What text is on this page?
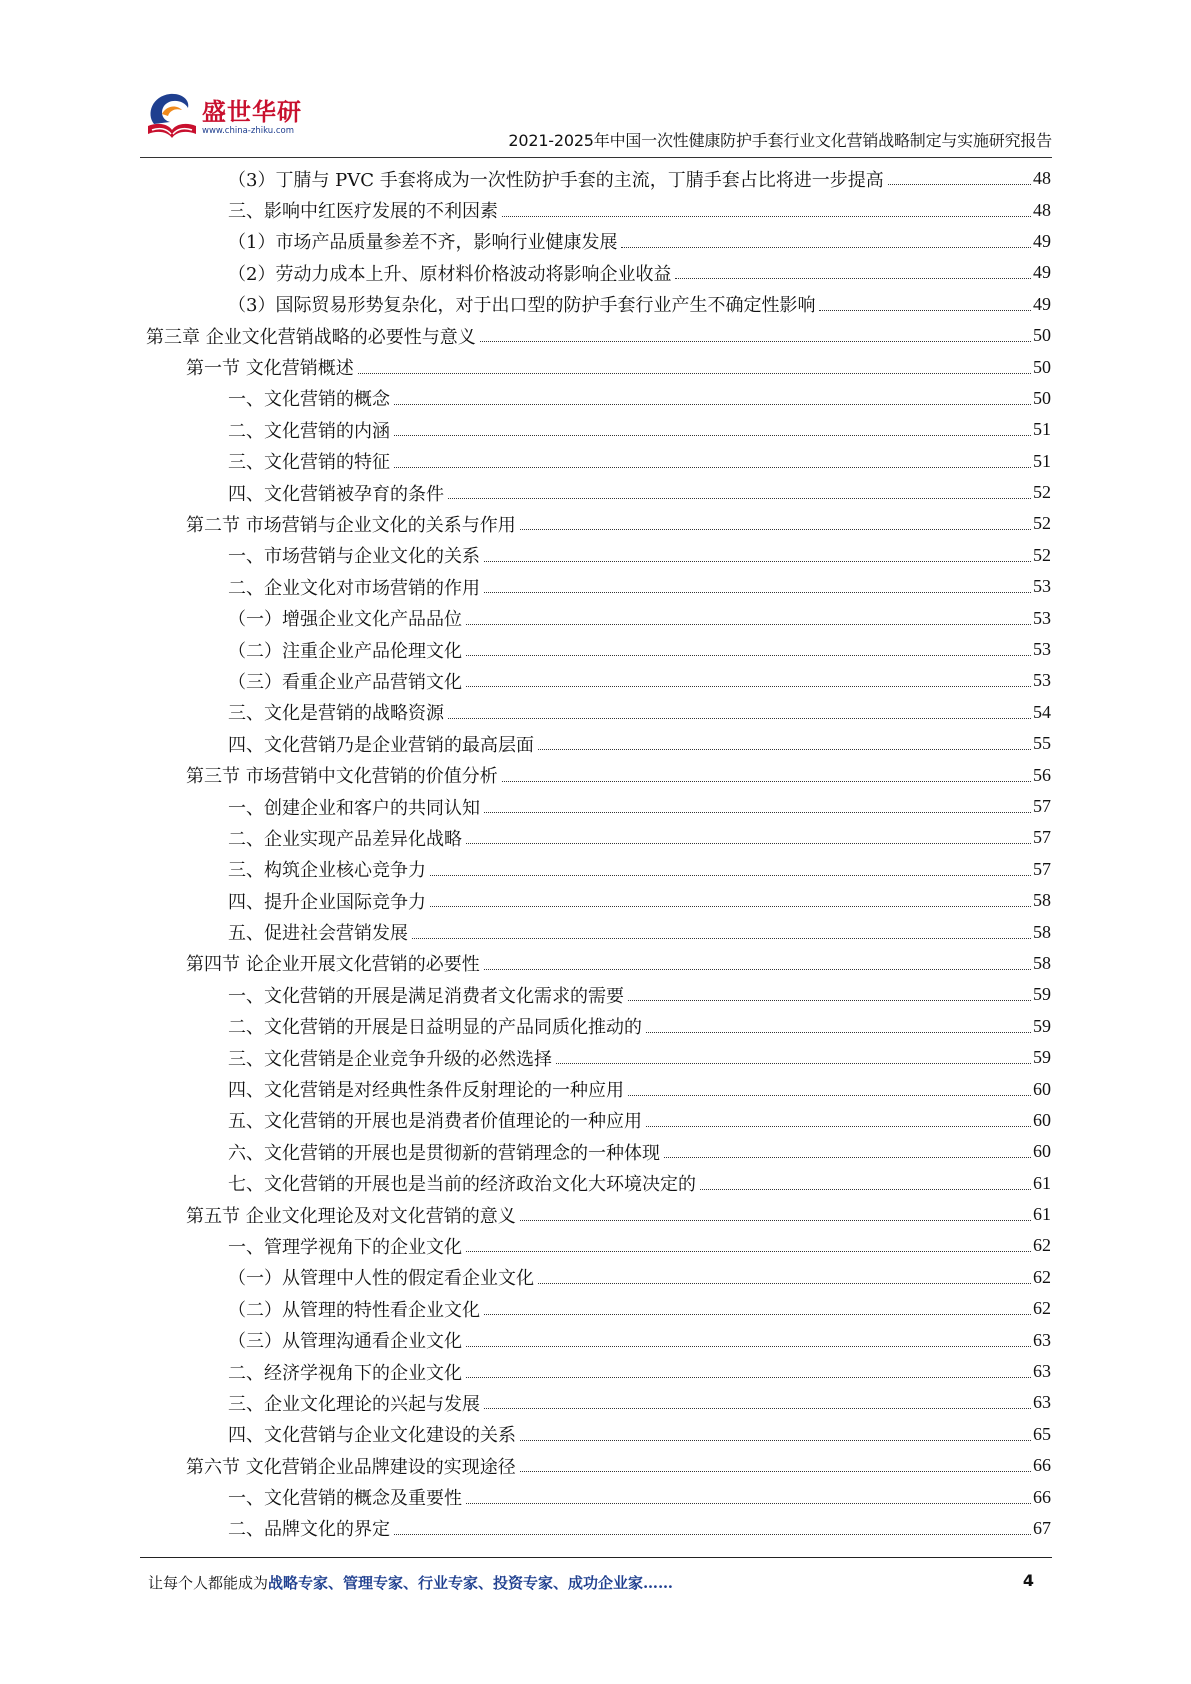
盛世华研
www.china-zhiku.com	2021-2025年中国一次性健康防护手套行业文化营销战略制定与实施研究报告
（3）丁腈与 PVC 手套将成为一次性防护手套的主流，丁腈手套占比将进一步提高	48
三、影响中红医疗发展的不利因素	48
（1）市场产品质量参差不齐，影响行业健康发展	49
（2）劳动力成本上升、原材料价格波动将影响企业收益	49
（3）国际贸易形势复杂化，对于出口型的防护手套行业产生不确定性影响	49
第三章 企业文化营销战略的必要性与意义	50
第一节 文化营销概述	50
一、文化营销的概念	50
二、文化营销的内涵	51
三、文化营销的特征	51
四、文化营销被孕育的条件	52
第二节 市场营销与企业文化的关系与作用	52
一、市场营销与企业文化的关系	52
二、企业文化对市场营销的作用	53
（一）增强企业文化产品品位	53
（二）注重企业产品伦理文化	53
（三）看重企业产品营销文化	53
三、文化是营销的战略资源	54
四、文化营销乃是企业营销的最高层面	55
第三节 市场营销中文化营销的价值分析	56
一、创建企业和客户的共同认知	57
二、企业实现产品差异化战略	57
三、构筑企业核心竞争力	57
四、提升企业国际竞争力	58
五、促进社会营销发展	58
第四节 论企业开展文化营销的必要性	58
一、文化营销的开展是满足消费者文化需求的需要	59
二、文化营销的开展是日益明显的产品同质化推动的	59
三、文化营销是企业竞争升级的必然选择	59
四、文化营销是对经典性条件反射理论的一种应用	60
五、文化营销的开展也是消费者价值理论的一种应用	60
六、文化营销的开展也是贯彻新的营销理念的一种体现	60
七、文化营销的开展也是当前的经济政治文化大环境决定的	61
第五节 企业文化理论及对文化营销的意义	61
一、管理学视角下的企业文化	62
（一）从管理中人性的假定看企业文化	62
（二）从管理的特性看企业文化	62
（三）从管理沟通看企业文化	63
二、经济学视角下的企业文化	63
三、企业文化理论的兴起与发展	63
四、文化营销与企业文化建设的关系	65
第六节 文化营销企业品牌建设的实现途径	66
一、文化营销的概念及重要性	66
二、品牌文化的界定	67
让每个人都能成为战略专家、管理专家、行业专家、投资专家、成功企业家……	4
